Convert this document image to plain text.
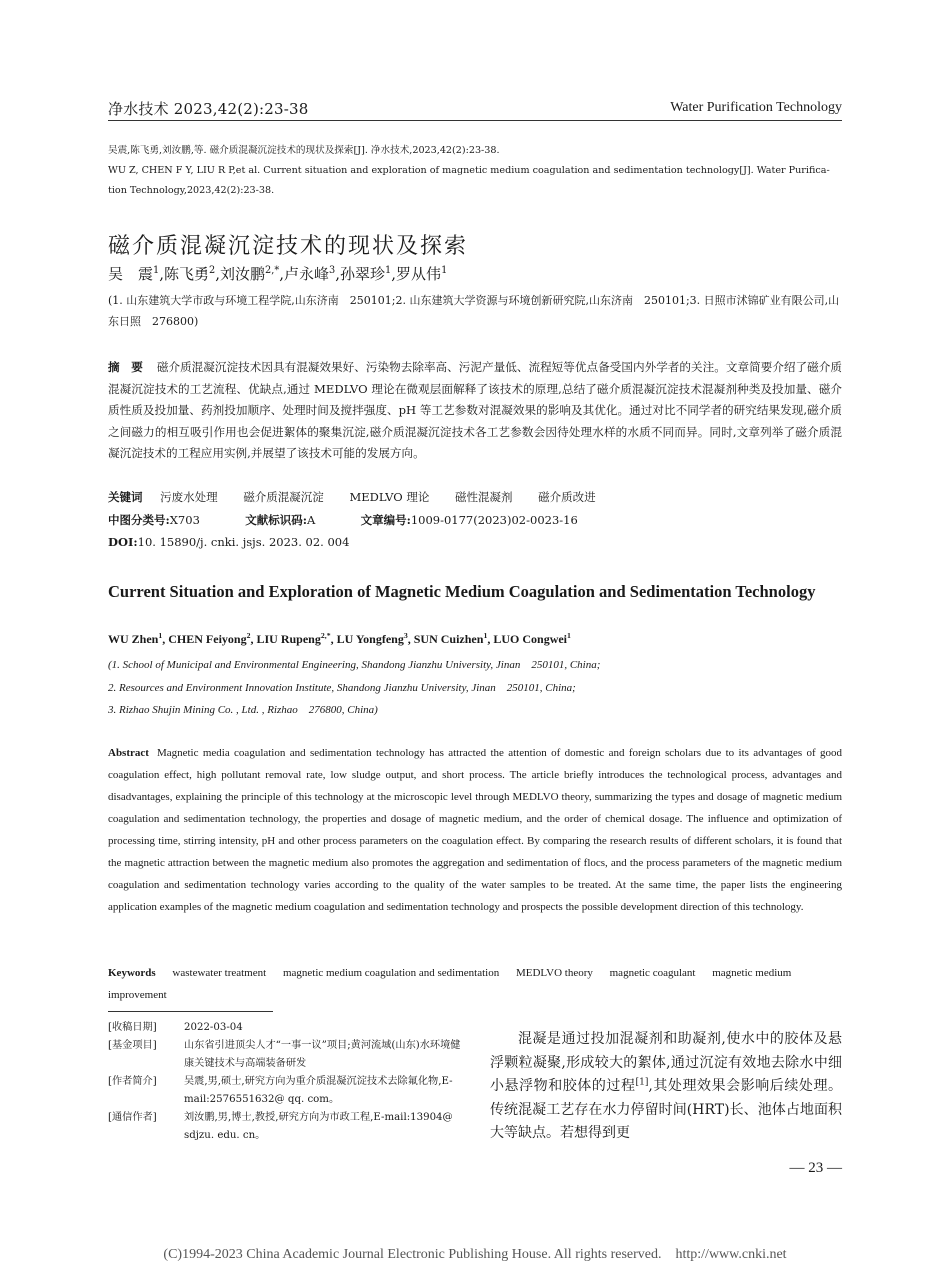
净水技术 2023,42(2):23-38	Water Purification Technology

吴震,陈飞勇,刘汝鹏,等. 磁介质混凝沉淀技术的现状及探索[J]. 净水技术,2023,42(2):23-38.

WU Z, CHEN F Y, LIU R P,et al. Current situation and exploration of magnetic medium coagulation and sedimentation technology[J]. Water Purifica-

tion Technology,2023,42(2):23-38.

磁介质混凝沉淀技术的现状及探索
吴　震$^1$,陈飞勇$^2$,刘汝鹏$^{2,*}$,卢永峰$^3$,孙翠珍$^1$,罗从伟$^1$
(1. 山东建筑大学市政与环境工程学院,山东济南　250101;2. 山东建筑大学资源与环境创新研究院,山东济南　250101;3. 日照市沭锦矿业有限公司,山东日照　276800)
摘　要 磁介质混凝沉淀技术因具有混凝效果好、污染物去除率高、污泥产量低、流程短等优点备受国内外学者的关注。文章简要介绍了磁介质混凝沉淀技术的工艺流程、优缺点,通过 MEDLVO 理论在微观层面解释了该技术的原理,总结了磁介质混凝沉淀技术混凝剂种类及投加量、磁介质性质及投加量、药剂投加顺序、处理时间及搅拌强度、pH 等工艺参数对混凝效果的影响及其优化。通过对比不同学者的研究结果发现,磁介质之间磁力的相互吸引作用也会促进絮体的聚集沉淀,磁介质混凝沉淀技术各工艺参数会因待处理水样的水质不同而异。同时,文章列举了磁介质混凝沉淀技术的工程应用实例,并展望了该技术可能的发展方向。
关键词 污废水处理 磁介质混凝沉淀 MEDLVO 理论 磁性混凝剂 磁介质改进
中图分类号:X703	文献标识码:A	文章编号:1009-0177(2023)02-0023-16
DOI:10. 15890/j. cnki. jsjs. 2023. 02. 004
Current Situation and Exploration of Magnetic Medium Coagulation and Sedimentation Technology
WU Zhen$^1$, CHEN Feiyong$^2$, LIU Rupeng$^{2,*}$, LU Yongfeng$^3$, SUN Cuizhen$^1$, LUO Congwei$^1$

(1. School of Municipal and Environmental Engineering, Shandong Jianzhu University, Jinan　250101, China;

2. Resources and Environment Innovation Institute, Shandong Jianzhu University, Jinan　250101, China;

3. Rizhao Shujin Mining Co. , Ltd. , Rizhao　276800, China)

Abstract Magnetic media coagulation and sedimentation technology has attracted the attention of domestic and foreign scholars due to its advantages of good coagulation effect, high pollutant removal rate, low sludge output, and short process. The article briefly introduces the technological process, advantages and disadvantages, explaining the principle of this technology at the microscopic level through MEDLVO theory, summarizing the types and dosage of magnetic medium coagulation and sedimentation technology, the properties and dosage of magnetic medium, and the order of chemical dosage. The influence and optimization of processing time, stirring intensity, pH and other process parameters on the coagulation effect. By comparing the research results of different scholars, it is found that the magnetic attraction between the magnetic medium also promotes the aggregation and sedimentation of flocs, and the process parameters of the magnetic medium coagulation and sedimentation technology varies according to the quality of the water samples to be treated. At the same time, the paper lists the engineering application examples of the magnetic medium coagulation and sedimentation technology and prospects the possible development direction of this technology.
Keywords wastewater treatment magnetic medium coagulation and sedimentation MEDLVO theory magnetic coagulant magnetic medium improvement
[收稿日期]	2022-03-04
[基金项目]	山东省引进顶尖人才“一事一议”项目;黄河流域(山东)水环境健康关键技术与高端装备研发
[作者简介]	吴震,男,硕士,研究方向为重介质混凝沉淀技术去除氟化物,E-mail:2576551632@ qq. com。
[通信作者]	刘汝鹏,男,博士,教授,研究方向为市政工程,E-mail:13904@ sdjzu. edu. cn。
混凝是通过投加混凝剂和助凝剂,使水中的胶体及悬浮颗粒凝聚,形成较大的絮体,通过沉淀有效地去除水中细小悬浮物和胶体的过程[1],其处理效果会影响后续处理。传统混凝工艺存在水力停留时间(HRT)长、池体占地面积大等缺点。若想得到更
— 23 —
(C)1994-2023 China Academic Journal Electronic Publishing House. All rights reserved.　http://www.cnki.net
